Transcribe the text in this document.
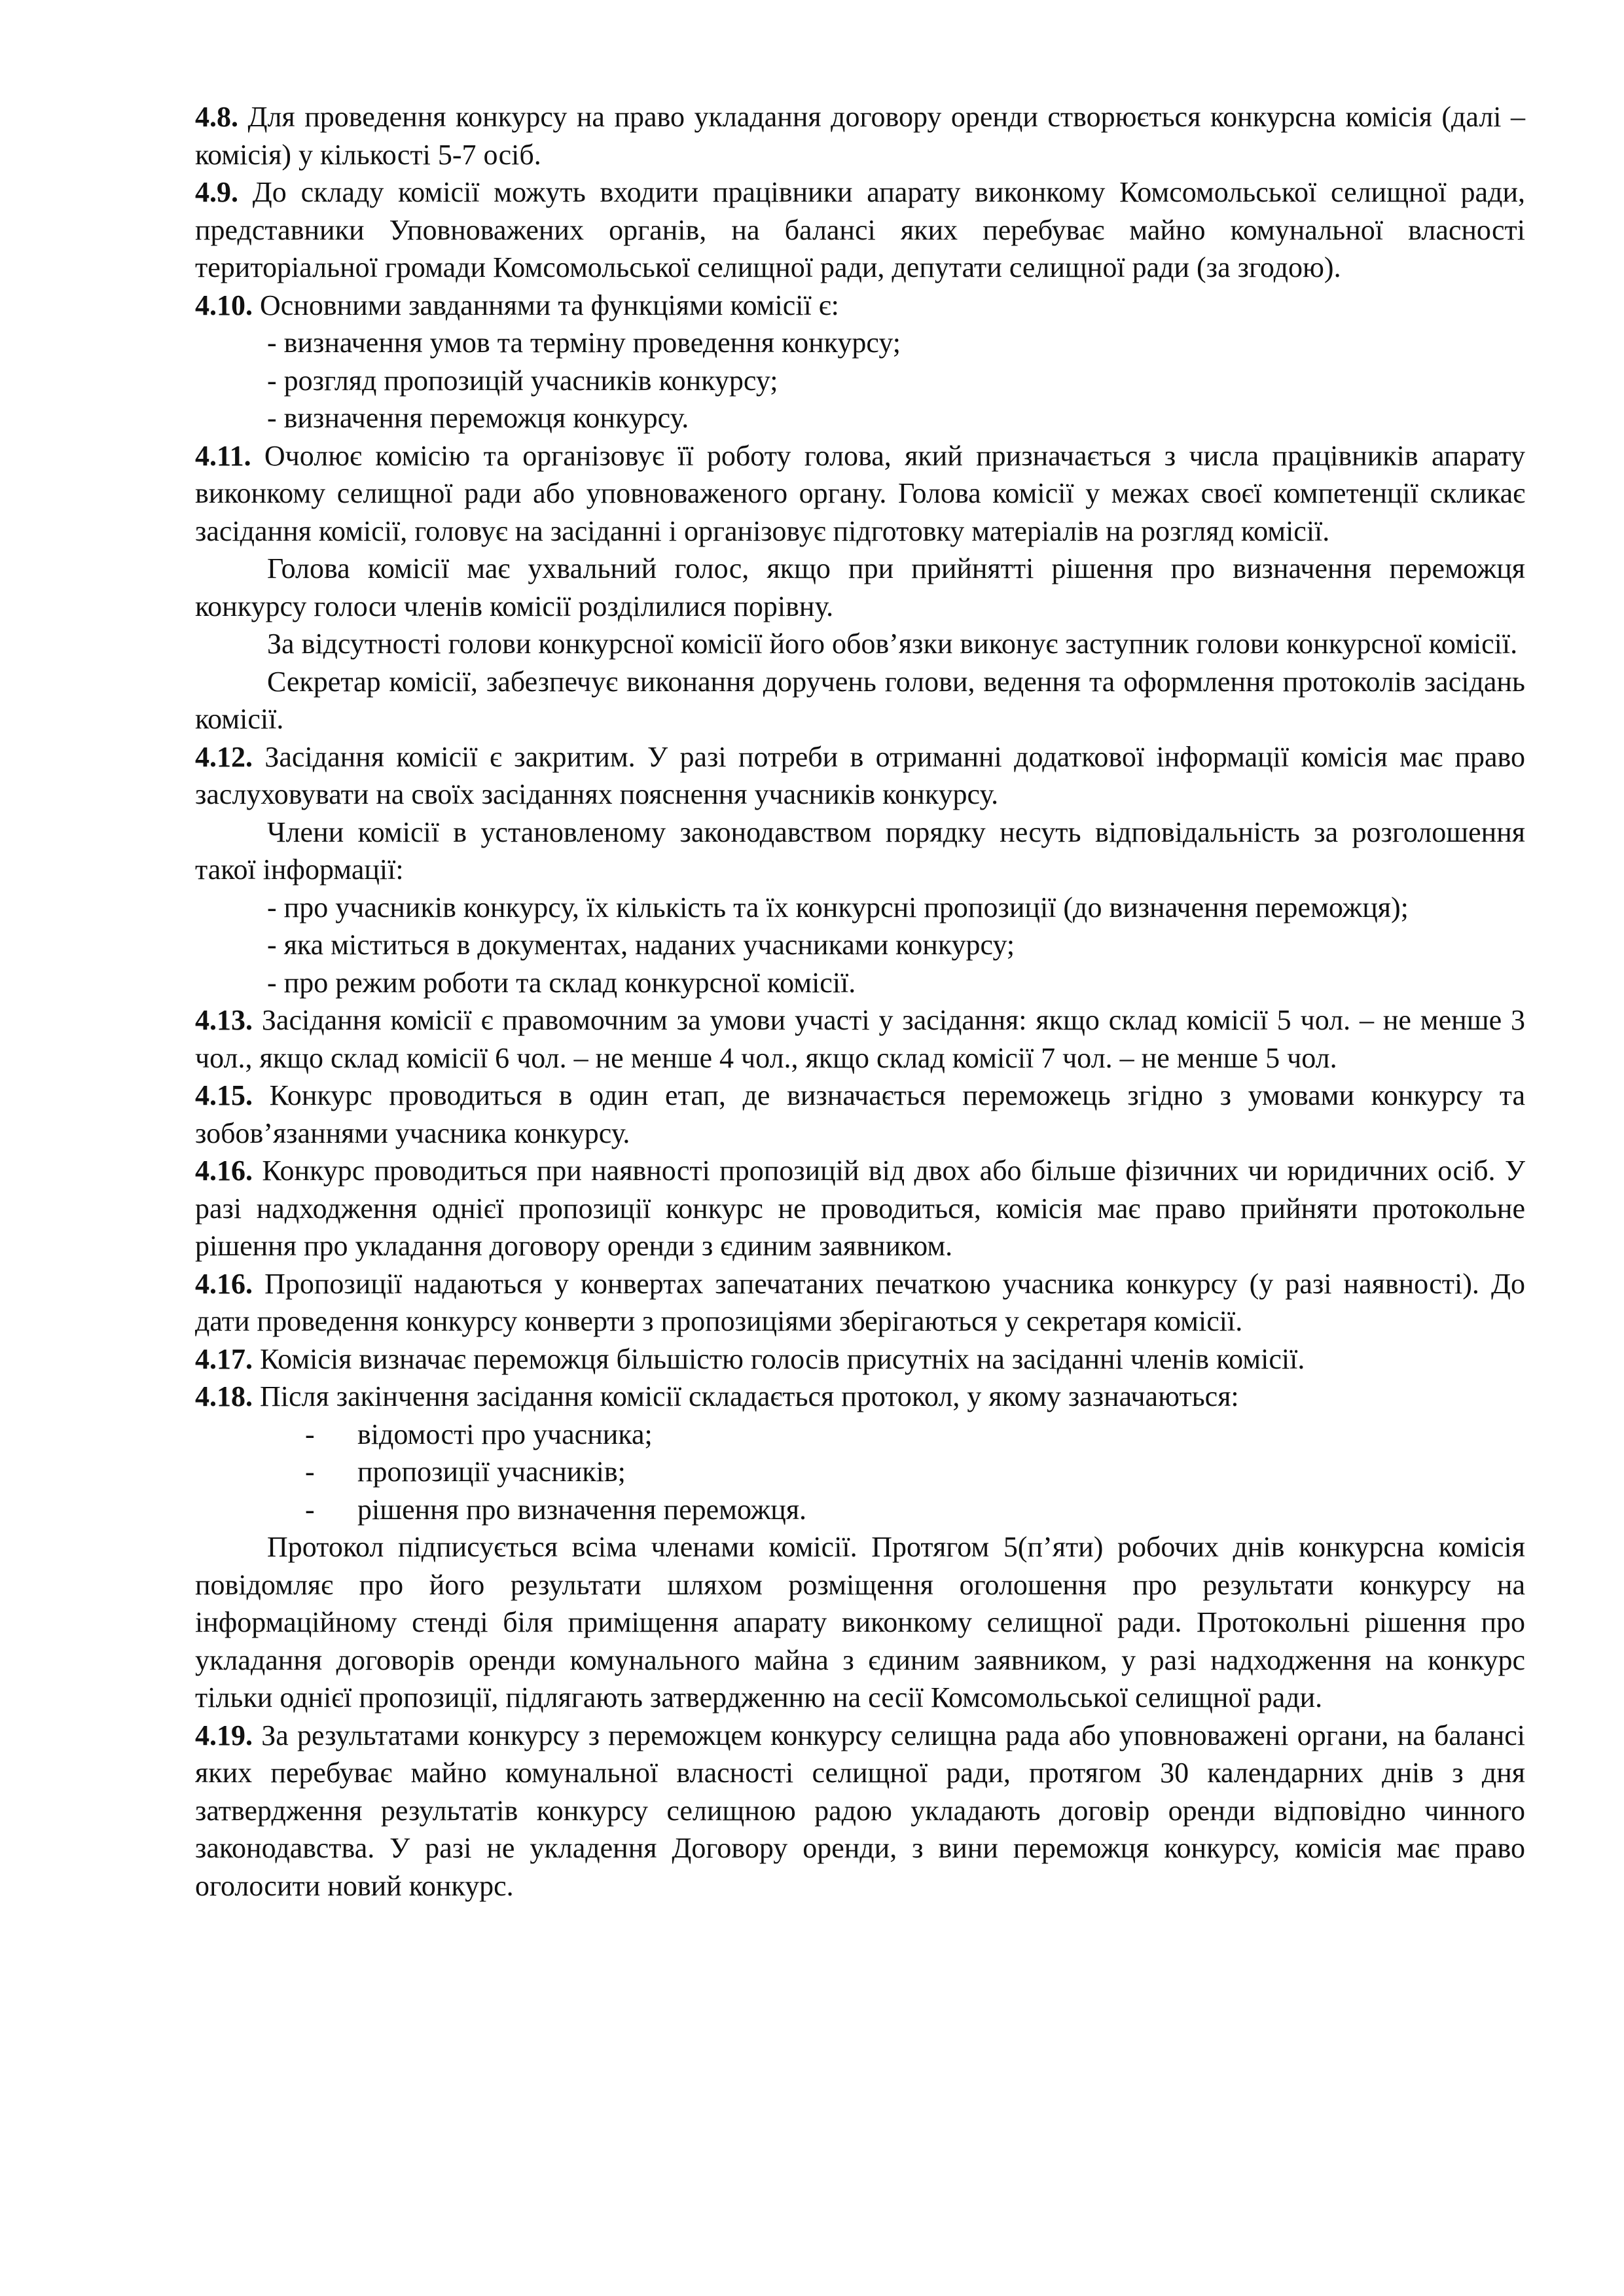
4.8. Для проведення конкурсу на право укладання договору оренди створюється конкурсна комісія (далі – комісія) у кількості 5-7 осіб.

4.9. До складу комісії можуть входити працівники апарату виконкому Комсомольської селищної ради, представники Уповноважених органів, на балансі яких перебуває майно комунальної власності територіальної громади Комсомольської селищної ради, депутати селищної ради (за згодою).

4.10. Основними завданнями та функціями комісії є:

- визначення умов та терміну проведення конкурсу;

- розгляд пропозицій учасників конкурсу;

- визначення переможця конкурсу.

4.11. Очолює комісію та організовує її роботу голова, який призначається з числа працівників апарату виконкому селищної ради або уповноваженого органу. Голова комісії у межах своєї компетенції скликає засідання комісії, головує на засіданні і організовує підготовку матеріалів на розгляд комісії.

Голова комісії має ухвальний голос, якщо при прийнятті рішення про визначення переможця конкурсу голоси членів комісії розділилися порівну.

За відсутності голови конкурсної комісії його обов’язки виконує заступник голови конкурсної комісії.

Секретар комісії, забезпечує виконання доручень голови, ведення та оформлення протоколів засідань комісії.

4.12. Засідання комісії є закритим. У разі потреби в отриманні додаткової інформації комісія має право заслуховувати на своїх засіданнях пояснення учасників конкурсу.

Члени комісії в установленому законодавством порядку несуть відповідальність за розголошення такої інформації:

- про учасників конкурсу, їх кількість та їх конкурсні пропозиції (до визначення переможця);

- яка міститься в документах, наданих учасниками конкурсу;

- про режим роботи та склад конкурсної комісії.

4.13. Засідання комісії є правомочним за умови участі у засідання: якщо склад комісії 5 чол. – не менше 3 чол., якщо склад комісії 6 чол. – не менше 4 чол., якщо склад комісії 7 чол. – не менше 5 чол.

4.15. Конкурс проводиться в один етап, де визначається переможець згідно з умовами конкурсу та зобов’язаннями учасника конкурсу.

4.16. Конкурс проводиться при наявності пропозицій від двох або більше фізичних чи юридичних осіб. У разі надходження однієї пропозиції конкурс не проводиться, комісія має право прийняти протокольне рішення про укладання договору оренди з єдиним заявником.

4.16. Пропозиції надаються у конвертах запечатаних печаткою учасника конкурсу (у разі наявності). До дати проведення конкурсу конверти з пропозиціями зберігаються у секретаря комісії.

4.17. Комісія визначає переможця більшістю голосів присутніх на засіданні членів комісії.

4.18. Після закінчення засідання комісії складається протокол, у якому зазначаються:

- відомості про учасника;

- пропозиції учасників;

- рішення про визначення переможця.

Протокол підписується всіма членами комісії. Протягом 5(п’яти) робочих днів конкурсна комісія повідомляє про його результати шляхом розміщення оголошення про результати конкурсу на інформаційному стенді біля приміщення апарату виконкому селищної ради. Протокольні рішення про укладання договорів оренди комунального майна з єдиним заявником, у разі надходження на конкурс тільки однієї пропозиції, підлягають затвердженню на сесії Комсомольської селищної ради.

4.19. За результатами конкурсу з переможцем конкурсу селищна рада або уповноважені органи, на балансі яких перебуває майно комунальної власності селищної ради, протягом 30 календарних днів з дня затвердження результатів конкурсу селищною радою укладають договір оренди відповідно чинного законодавства. У разі не укладення Договору оренди, з вини переможця конкурсу, комісія має право оголосити новий конкурс.
